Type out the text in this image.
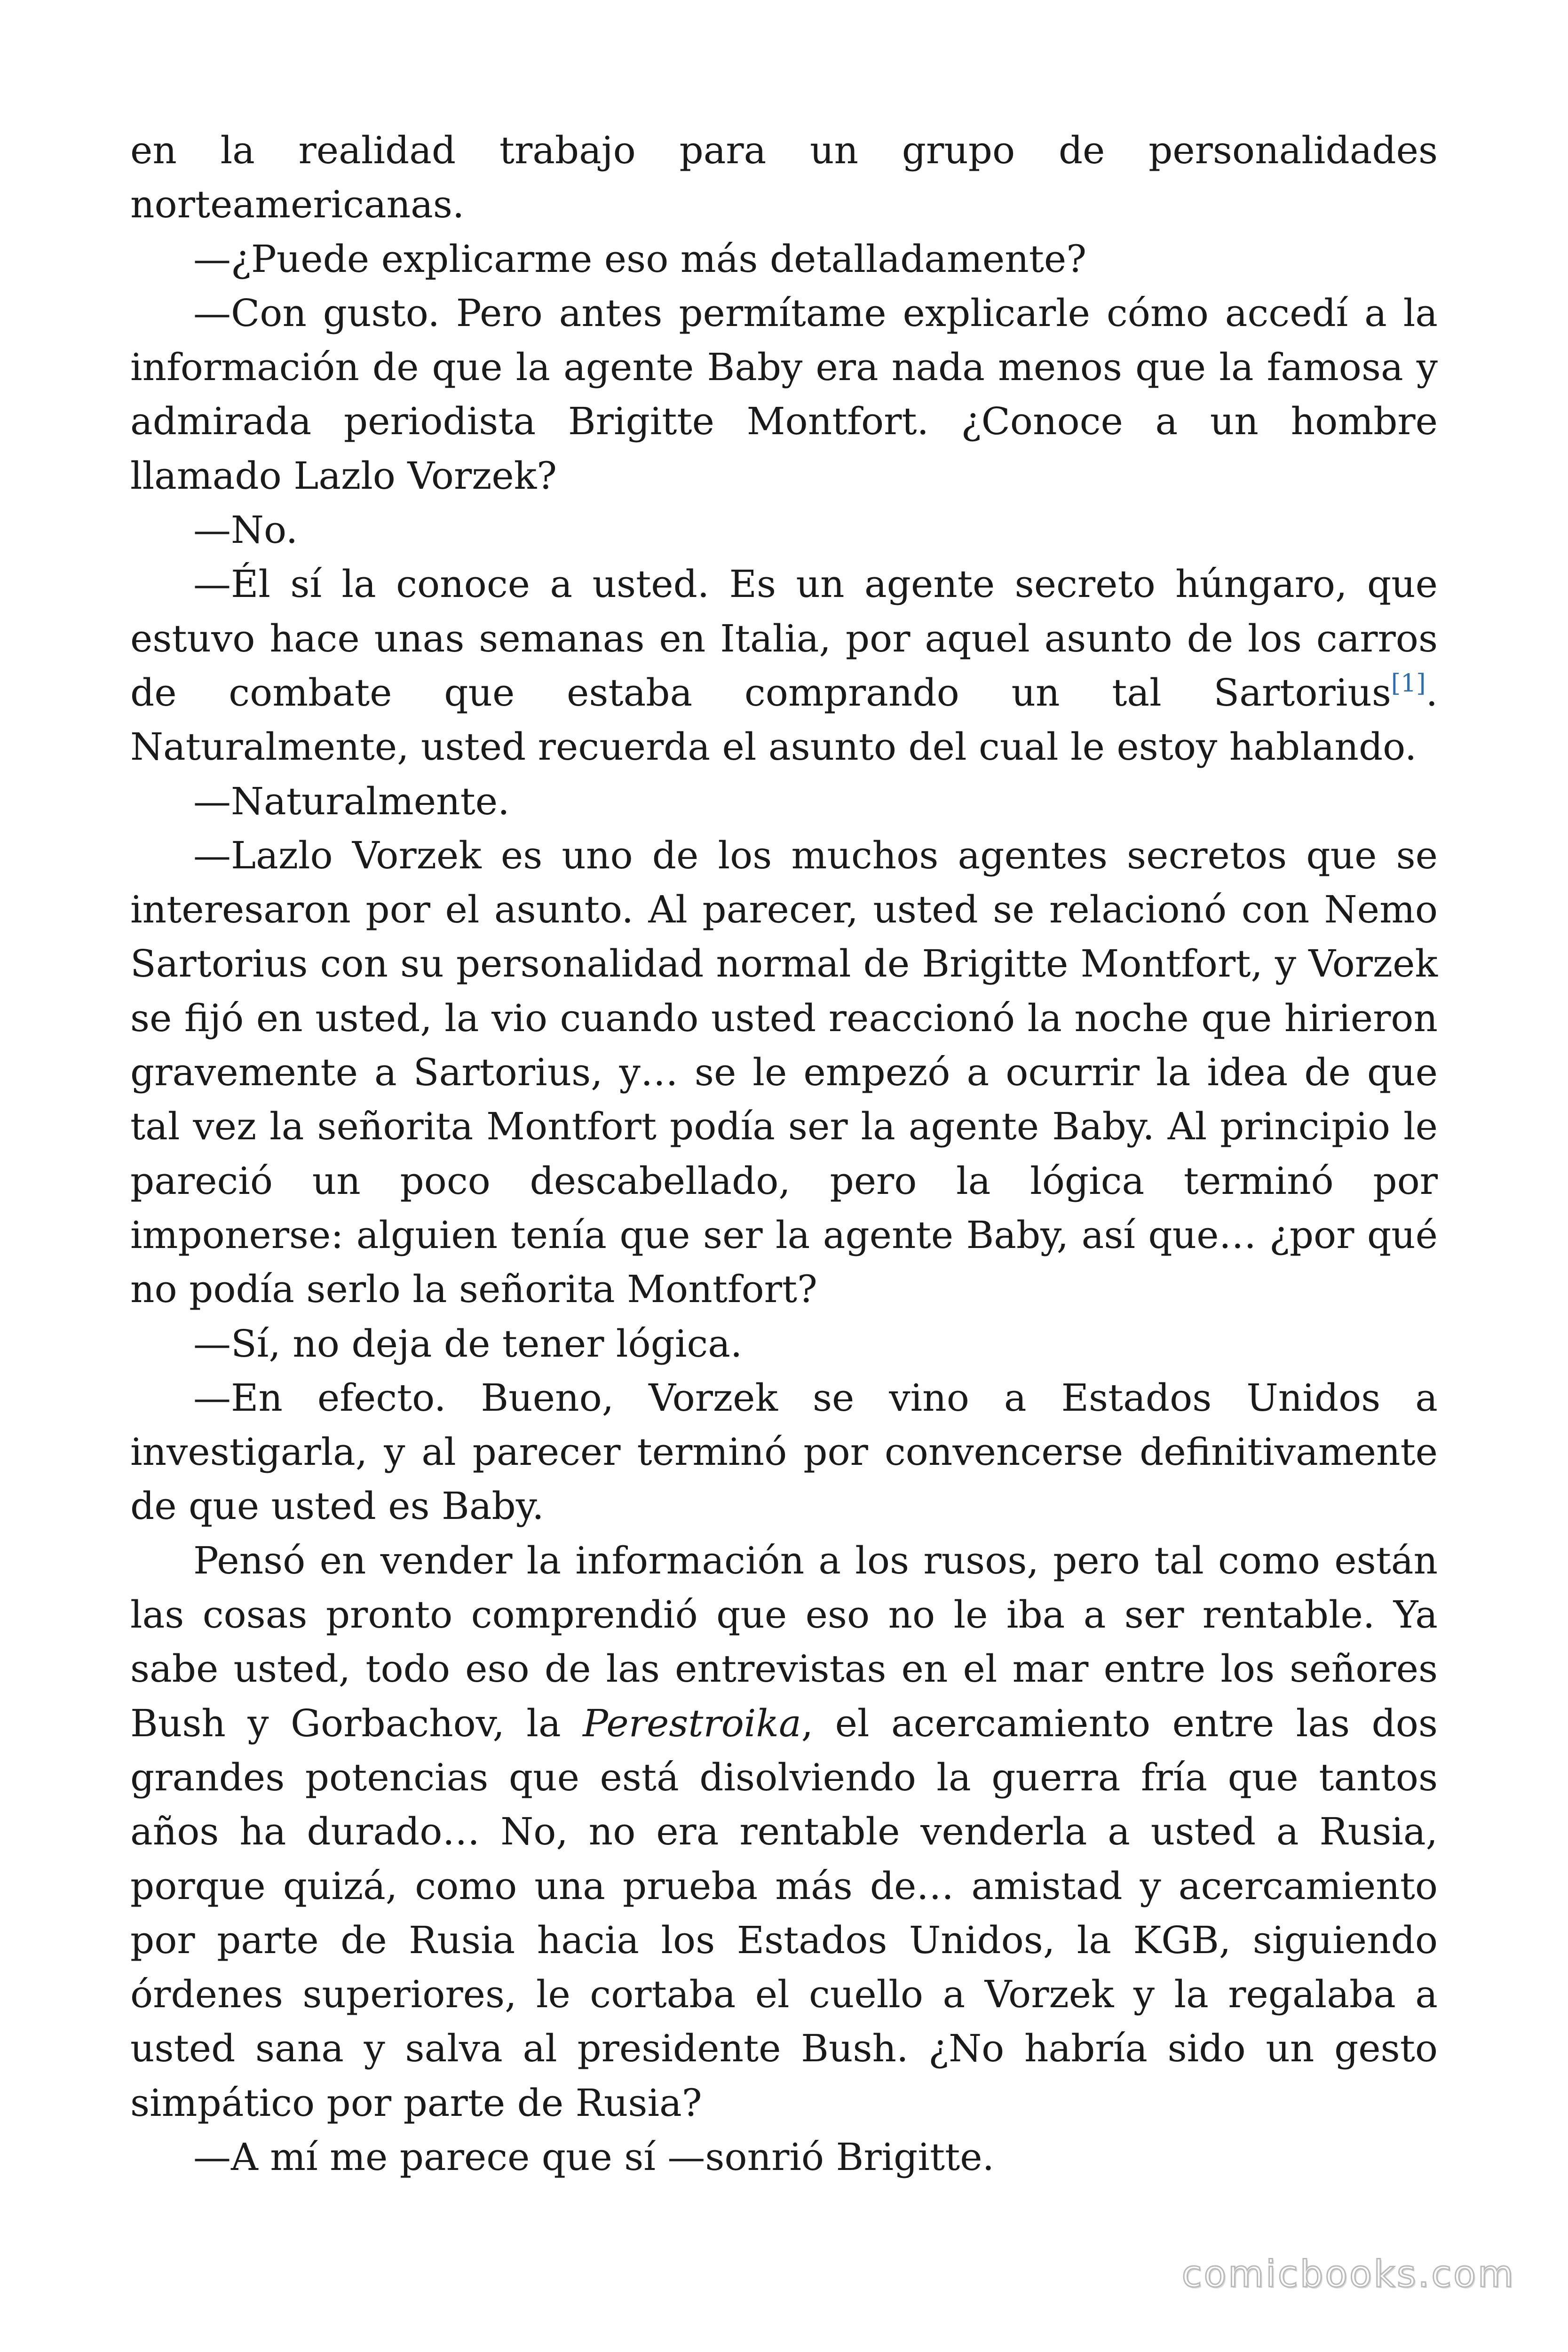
en la realidad trabajo para un grupo de personalidades norteamericanas.

—¿Puede explicarme eso más detalladamente?

—Con gusto. Pero antes permítame explicarle cómo accedí a la información de que la agente Baby era nada menos que la famosa y admirada periodista Brigitte Montfort. ¿Conoce a un hombre llamado Lazlo Vorzek?

—No.

—Él sí la conoce a usted. Es un agente secreto húngaro, que estuvo hace unas semanas en Italia, por aquel asunto de los carros de combate que estaba comprando un tal Sartorius[1]. Naturalmente, usted recuerda el asunto del cual le estoy hablando.

—Naturalmente.

—Lazlo Vorzek es uno de los muchos agentes secretos que se interesaron por el asunto. Al parecer, usted se relacionó con Nemo Sartorius con su personalidad normal de Brigitte Montfort, y Vorzek se fijó en usted, la vio cuando usted reaccionó la noche que hirieron gravemente a Sartorius, y… se le empezó a ocurrir la idea de que tal vez la señorita Montfort podía ser la agente Baby. Al principio le pareció un poco descabellado, pero la lógica terminó por imponerse: alguien tenía que ser la agente Baby, así que… ¿por qué no podía serlo la señorita Montfort?

—Sí, no deja de tener lógica.

—En efecto. Bueno, Vorzek se vino a Estados Unidos a investigarla, y al parecer terminó por convencerse definitivamente de que usted es Baby.

Pensó en vender la información a los rusos, pero tal como están las cosas pronto comprendió que eso no le iba a ser rentable. Ya sabe usted, todo eso de las entrevistas en el mar entre los señores Bush y Gorbachov, la Perestroika, el acercamiento entre las dos grandes potencias que está disolviendo la guerra fría que tantos años ha durado… No, no era rentable venderla a usted a Rusia, porque quizá, como una prueba más de… amistad y acercamiento por parte de Rusia hacia los Estados Unidos, la KGB, siguiendo órdenes superiores, le cortaba el cuello a Vorzek y la regalaba a usted sana y salva al presidente Bush. ¿No habría sido un gesto simpático por parte de Rusia?

—A mí me parece que sí —sonrió Brigitte.

comicbooks.com
